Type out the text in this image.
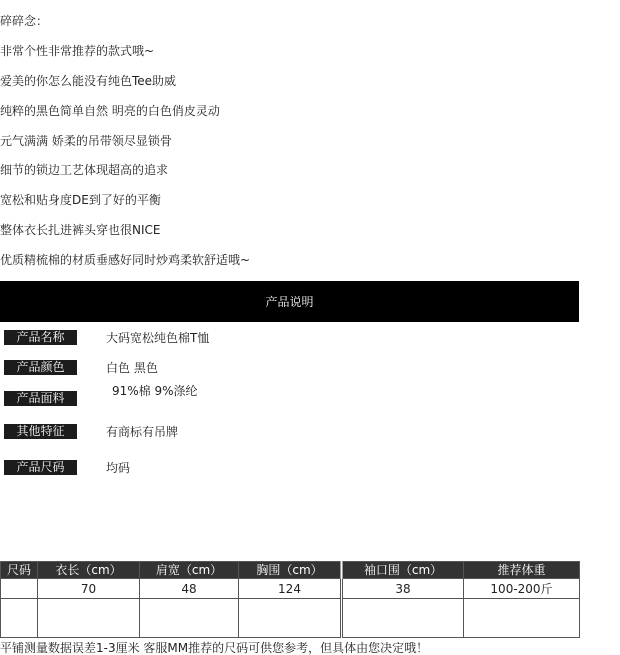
碎碎念：
非常个性非常推荐的款式哦~
爱美的你怎么能没有纯色Tee助威
纯粹的黑色简单自然 明亮的白色俏皮灵动
元气满满 娇柔的吊带领尽显锁骨
细节的锁边工艺体现超高的追求
宽松和贴身度DE到了好的平衡
整体衣长扎进裤头穿也很NICE
优质精梳棉的材质垂感好同时炒鸡柔软舒适哦~
产品说明
产品名称	大码宽松纯色棉T恤
产品颜色	白色 黑色
产品面料	91%棉 9%涤纶
其他特征	有商标有吊牌
产品尺码	均码
尺码	衣长（cm）	肩宽（cm）	胸围（cm）	袖口围（cm）	推荐体重
	70	48	124	38	100-200斤

平铺测量数据误差1-3厘米 客服MM推荐的尺码可供您参考，但具体由您决定哦！
